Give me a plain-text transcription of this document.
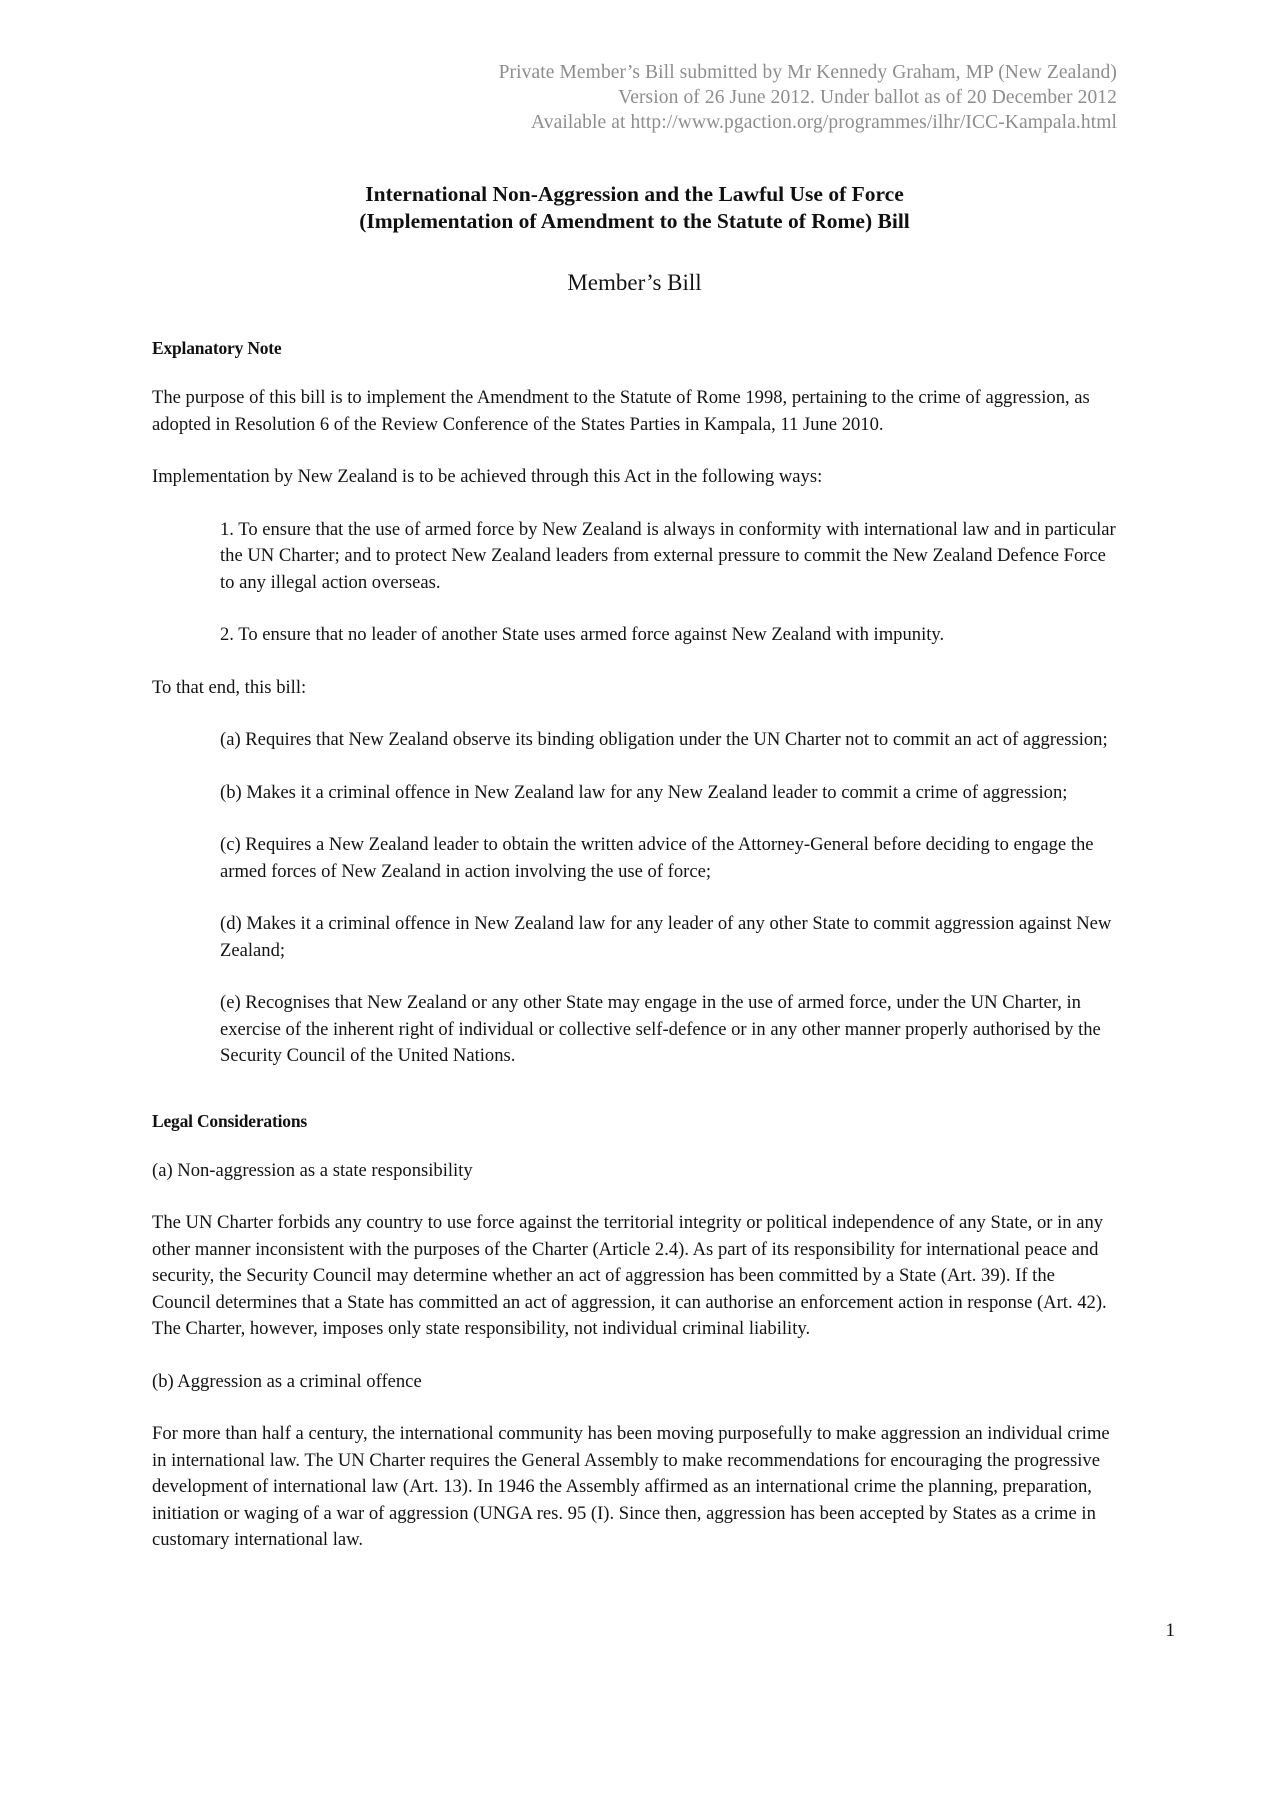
Private Member’s Bill submitted by Mr Kennedy Graham, MP (New Zealand)
Version of 26 June 2012. Under ballot as of 20 December 2012
Available at http://www.pgaction.org/programmes/ilhr/ICC-Kampala.html
International Non-Aggression and the Lawful Use of Force
(Implementation of Amendment to the Statute of Rome) Bill
Member’s Bill
Explanatory Note

The purpose of this bill is to implement the Amendment to the Statute of Rome 1998, pertaining to the crime of aggression, as adopted in Resolution 6 of the Review Conference of the States Parties in Kampala, 11 June 2010.

Implementation by New Zealand is to be achieved through this Act in the following ways:

1. To ensure that the use of armed force by New Zealand is always in conformity with international law and in particular the UN Charter; and to protect New Zealand leaders from external pressure to commit the New Zealand Defence Force to any illegal action overseas.

2. To ensure that no leader of another State uses armed force against New Zealand with impunity.

To that end, this bill:

(a) Requires that New Zealand observe its binding obligation under the UN Charter not to commit an act of aggression;

(b) Makes it a criminal offence in New Zealand law for any New Zealand leader to commit a crime of aggression;

(c) Requires a New Zealand leader to obtain the written advice of the Attorney-General before deciding to engage the armed forces of New Zealand in action involving the use of force;

(d) Makes it a criminal offence in New Zealand law for any leader of any other State to commit aggression against New Zealand;

(e) Recognises that New Zealand or any other State may engage in the use of armed force, under the UN Charter, in exercise of the inherent right of individual or collective self-defence or in any other manner properly authorised by the Security Council of the United Nations.

Legal Considerations

(a) Non-aggression as a state responsibility

The UN Charter forbids any country to use force against the territorial integrity or political independence of any State, or in any other manner inconsistent with the purposes of the Charter (Article 2.4). As part of its responsibility for international peace and security, the Security Council may determine whether an act of aggression has been committed by a State (Art. 39). If the Council determines that a State has committed an act of aggression, it can authorise an enforcement action in response (Art. 42). The Charter, however, imposes only state responsibility, not individual criminal liability.

(b) Aggression as a criminal offence

For more than half a century, the international community has been moving purposefully to make aggression an individual crime in international law. The UN Charter requires the General Assembly to make recommendations for encouraging the progressive development of international law (Art. 13). In 1946 the Assembly affirmed as an international crime the planning, preparation, initiation or waging of a war of aggression (UNGA res. 95 (I). Since then, aggression has been accepted by States as a crime in customary international law.

1
